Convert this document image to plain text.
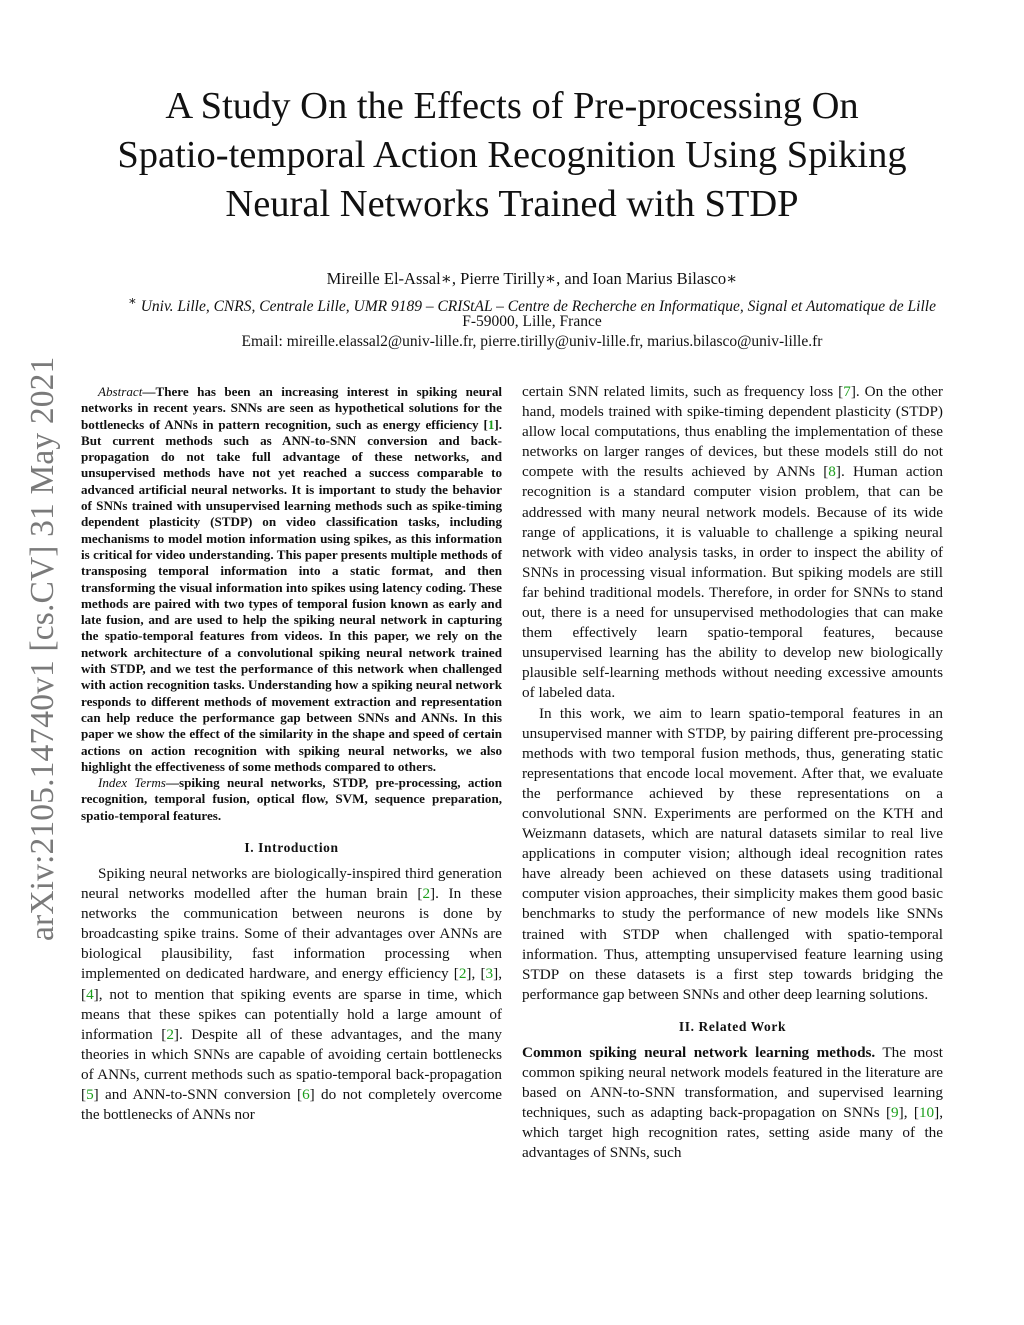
arXiv:2105.14740v1 [cs.CV] 31 May 2021
A Study On the Effects of Pre-processing On
Spatio-temporal Action Recognition Using Spiking
Neural Networks Trained with STDP
Mireille El-Assal∗, Pierre Tirilly∗, and Ioan Marius Bilasco∗
∗ Univ. Lille, CNRS, Centrale Lille, UMR 9189 – CRIStAL – Centre de Recherche en Informatique, Signal et Automatique de Lille
F-59000, Lille, France
Email: mireille.elassal2@univ-lille.fr, pierre.tirilly@univ-lille.fr, marius.bilasco@univ-lille.fr

Abstract—There has been an increasing interest in spiking neural networks in recent years. SNNs are seen as hypothetical solutions for the bottlenecks of ANNs in pattern recognition, such as energy efficiency [1]. But current methods such as ANN-to-SNN conversion and back-propagation do not take full advantage of these networks, and unsupervised methods have not yet reached a success comparable to advanced artificial neural networks. It is important to study the behavior of SNNs trained with unsupervised learning methods such as spike-timing dependent plasticity (STDP) on video classification tasks, including mechanisms to model motion information using spikes, as this information is critical for video understanding. This paper presents multiple methods of transposing temporal information into a static format, and then transforming the visual information into spikes using latency coding. These methods are paired with two types of temporal fusion known as early and late fusion, and are used to help the spiking neural network in capturing the spatio-temporal features from videos. In this paper, we rely on the network architecture of a convolutional spiking neural network trained with STDP, and we test the performance of this network when challenged with action recognition tasks. Understanding how a spiking neural network responds to different methods of movement extraction and representation can help reduce the performance gap between SNNs and ANNs. In this paper we show the effect of the similarity in the shape and speed of certain actions on action recognition with spiking neural networks, we also highlight the effectiveness of some methods compared to others.

Index Terms—spiking neural networks, STDP, pre-processing, action recognition, temporal fusion, optical flow, SVM, sequence preparation, spatio-temporal features.

I. Introduction

Spiking neural networks are biologically-inspired third generation neural networks modelled after the human brain [2]. In these networks the communication between neurons is done by broadcasting spike trains. Some of their advantages over ANNs are biological plausibility, fast information processing when implemented on dedicated hardware, and energy efficiency [2], [3], [4], not to mention that spiking events are sparse in time, which means that these spikes can potentially hold a large amount of information [2]. Despite all of these advantages, and the many theories in which SNNs are capable of avoiding certain bottlenecks of ANNs, current methods such as spatio-temporal back-propagation [5] and ANN-to-SNN conversion [6] do not completely overcome the bottlenecks of ANNs nor

certain SNN related limits, such as frequency loss [7]. On the other hand, models trained with spike-timing dependent plasticity (STDP) allow local computations, thus enabling the implementation of these networks on larger ranges of devices, but these models still do not compete with the results achieved by ANNs [8]. Human action recognition is a standard computer vision problem, that can be addressed with many neural network models. Because of its wide range of applications, it is valuable to challenge a spiking neural network with video analysis tasks, in order to inspect the ability of SNNs in processing visual information. But spiking models are still far behind traditional models. Therefore, in order for SNNs to stand out, there is a need for unsupervised methodologies that can make them effectively learn spatio-temporal features, because unsupervised learning has the ability to develop new biologically plausible self-learning methods without needing excessive amounts of labeled data.

In this work, we aim to learn spatio-temporal features in an unsupervised manner with STDP, by pairing different pre-processing methods with two temporal fusion methods, thus, generating static representations that encode local movement. After that, we evaluate the performance achieved by these representations on a convolutional SNN. Experiments are performed on the KTH and Weizmann datasets, which are natural datasets similar to real live applications in computer vision; although ideal recognition rates have already been achieved on these datasets using traditional computer vision approaches, their simplicity makes them good basic benchmarks to study the performance of new models like SNNs trained with STDP when challenged with spatio-temporal information. Thus, attempting unsupervised feature learning using STDP on these datasets is a first step towards bridging the performance gap between SNNs and other deep learning solutions.

II. Related Work

Common spiking neural network learning methods. The most common spiking neural network models featured in the literature are based on ANN-to-SNN transformation, and supervised learning techniques, such as adapting back-propagation on SNNs [9], [10], which target high recognition rates, setting aside many of the advantages of SNNs, such
